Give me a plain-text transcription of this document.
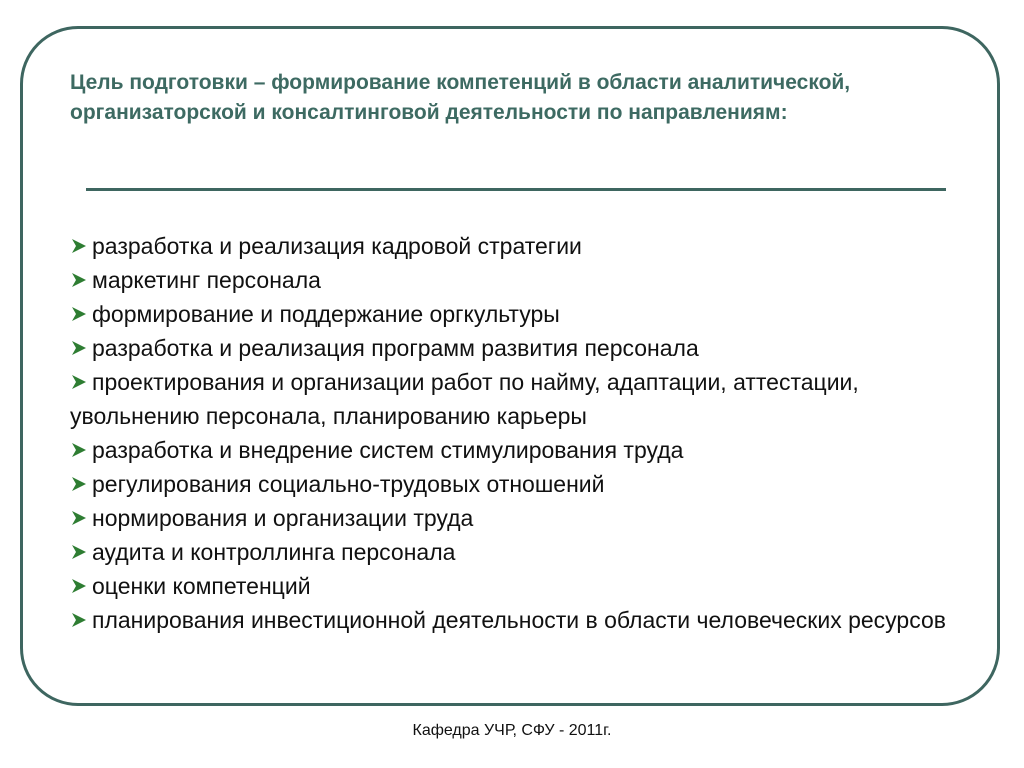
Цель подготовки – формирование компетенций в области аналитической, организаторской и консалтинговой деятельности по направлениям:

разработка и реализация кадровой стратегии
маркетинг персонала
формирование и поддержание оргкультуры
разработка и реализация программ развития персонала
проектирования и организации работ по найму, адаптации, аттестации, увольнению персонала, планированию карьеры
разработка и внедрение систем стимулирования труда
регулирования социально-трудовых отношений
нормирования и организации труда
аудита и контроллинга персонала
оценки компетенций
планирования инвестиционной деятельности в области человеческих ресурсов
Кафедра УЧР, СФУ - 2011г.
